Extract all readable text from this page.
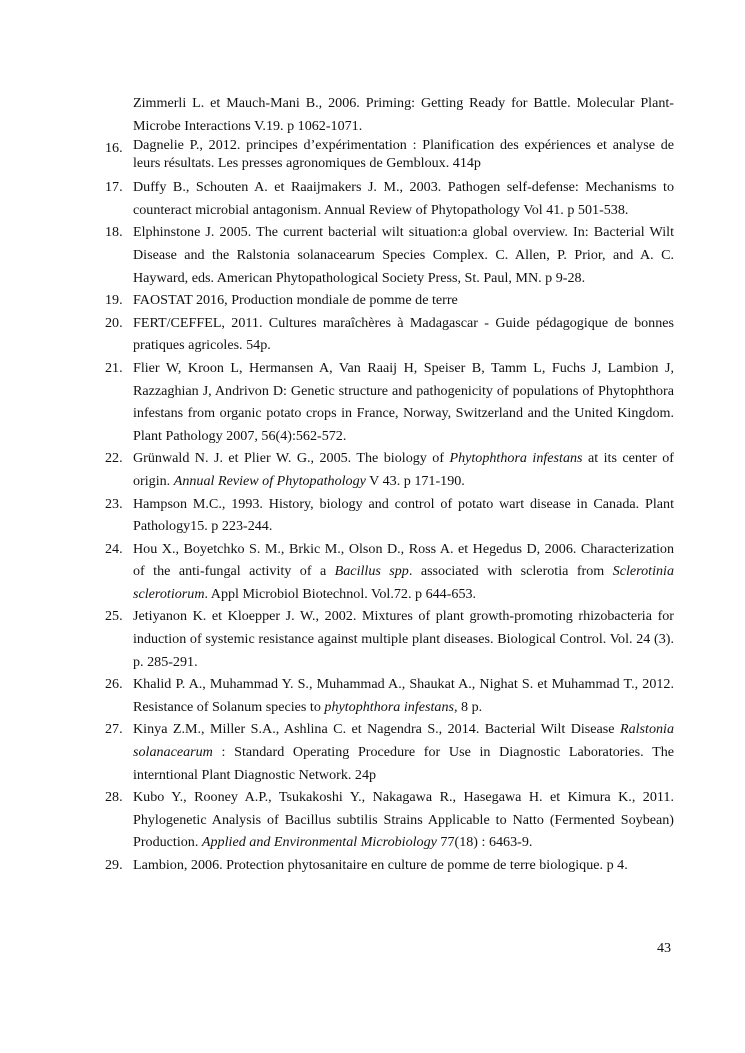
Zimmerli L. et Mauch-Mani B., 2006. Priming: Getting Ready for Battle. Molecular Plant-Microbe Interactions V.19. p 1062-1071.
16. Dagnelie P., 2012. principes d’expérimentation : Planification des expériences et analyse de leurs résultats. Les presses agronomiques de Gembloux. 414p
17. Duffy B., Schouten A. et Raaijmakers J. M., 2003. Pathogen self-defense: Mechanisms to counteract microbial antagonism. Annual Review of Phytopathology Vol 41. p 501-538.
18. Elphinstone J. 2005. The current bacterial wilt situation:a global overview. In: Bacterial Wilt Disease and the Ralstonia solanacearum Species Complex. C. Allen, P. Prior, and A. C. Hayward, eds. American Phytopathological Society Press, St. Paul, MN. p 9-28.
19. FAOSTAT 2016, Production mondiale de pomme de terre
20. FERT/CEFFEL, 2011. Cultures maraîchères à Madagascar - Guide pédagogique de bonnes pratiques agricoles. 54p.
21. Flier W, Kroon L, Hermansen A, Van Raaij H, Speiser B, Tamm L, Fuchs J, Lambion J, Razzaghian J, Andrivon D: Genetic structure and pathogenicity of populations of Phytophthora infestans from organic potato crops in France, Norway, Switzerland and the United Kingdom. Plant Pathology 2007, 56(4):562-572.
22. Grünwald N. J. et Plier W. G., 2005. The biology of Phytophthora infestans at its center of origin. Annual Review of Phytopathology V 43. p 171-190.
23. Hampson M.C., 1993. History, biology and control of potato wart disease in Canada. Plant Pathology15. p 223-244.
24. Hou X., Boyetchko S. M., Brkic M., Olson D., Ross A. et Hegedus D, 2006. Characterization of the anti-fungal activity of a Bacillus spp. associated with sclerotia from Sclerotinia sclerotiorum. Appl Microbiol Biotechnol. Vol.72. p 644-653.
25. Jetiyanon K. et Kloepper J. W., 2002. Mixtures of plant growth-promoting rhizobacteria for induction of systemic resistance against multiple plant diseases. Biological Control. Vol. 24 (3). p. 285-291.
26. Khalid P. A., Muhammad Y. S., Muhammad A., Shaukat A., Nighat S. et Muhammad T., 2012. Resistance of Solanum species to phytophthora infestans, 8 p.
27. Kinya Z.M., Miller S.A., Ashlina C. et Nagendra S., 2014. Bacterial Wilt Disease Ralstonia solanacearum : Standard Operating Procedure for Use in Diagnostic Laboratories. The interntional Plant Diagnostic Network. 24p
28. Kubo Y., Rooney A.P., Tsukakoshi Y., Nakagawa R., Hasegawa H. et Kimura K., 2011. Phylogenetic Analysis of Bacillus subtilis Strains Applicable to Natto (Fermented Soybean) Production. Applied and Environmental Microbiology 77(18) : 6463-9.
29. Lambion, 2006. Protection phytosanitaire en culture de pomme de terre biologique. p 4.
43
